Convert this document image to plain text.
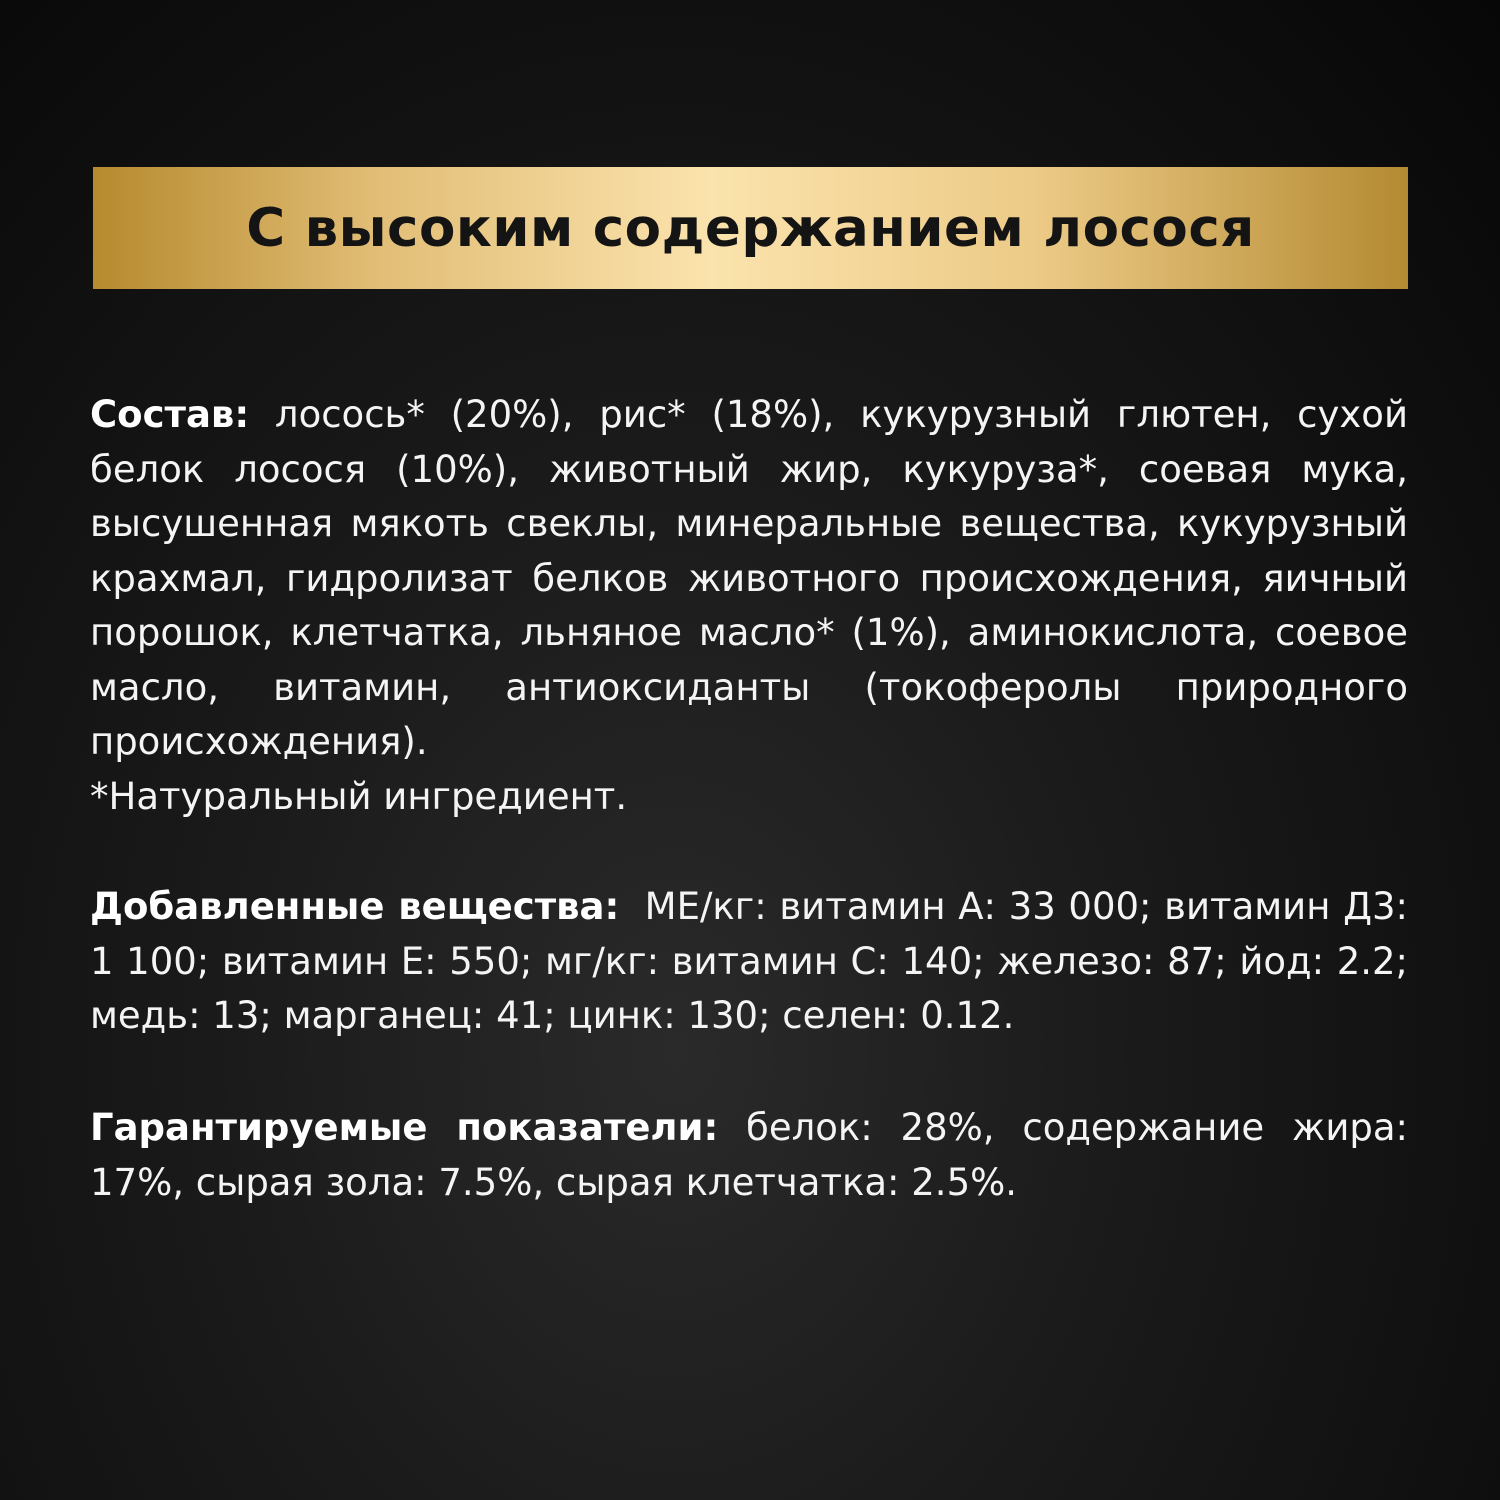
С высоким содержанием лосося
Состав: лосось* (20%), рис* (18%), кукурузный глютен, сухой белок лосося (10%), животный жир, кукуруза*, соевая мука, высушенная мякоть свеклы, минеральные вещества, кукурузный крахмал, гидролизат белков животного происхождения, яичный порошок, клетчатка, льняное масло* (1%), аминокислота, соевое масло, витамин, антиоксиданты (токоферолы природного происхождения).
*Натуральный ингредиент.
Добавленные вещества:  МЕ/кг: витамин А: 33 000; витамин Д3: 1 100; витамин Е: 550; мг/кг: витамин С: 140; железо: 87; йод: 2.2; медь: 13; марганец: 41; цинк: 130; селен: 0.12.
Гарантируемые показатели: белок: 28%, содержание жира: 17%, сырая зола: 7.5%, сырая клетчатка: 2.5%.
